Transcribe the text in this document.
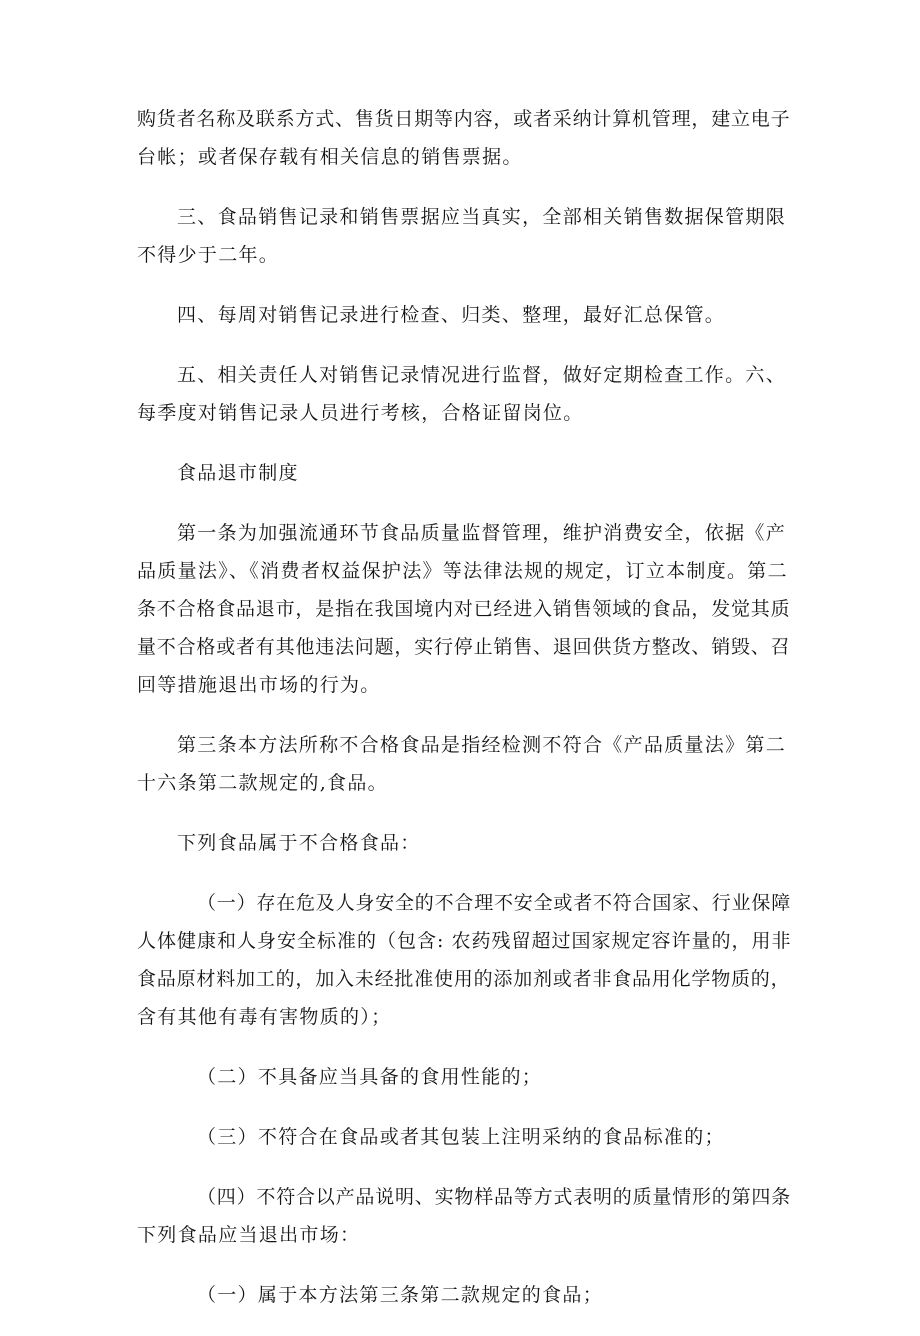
购货者名称及联系方式、售货日期等内容，或者采纳计算机管理，建立电子
台帐；或者保存载有相关信息的销售票据。

三、食品销售记录和销售票据应当真实，全部相关销售数据保管期限
不得少于二年。

四、每周对销售记录进行检查、归类、整理，最好汇总保管。

五、相关责任人对销售记录情况进行监督，做好定期检查工作。六、
每季度对销售记录人员进行考核，合格证留岗位。

食品退市制度

第一条为加强流通环节食品质量监督管理，维护消费安全，依据《产
品质量法》、《消费者权益保护法》等法律法规的规定，订立本制度。第二
条不合格食品退市，是指在我国境内对已经进入销售领域的食品，发觉其质
量不合格或者有其他违法问题，实行停止销售、退回供货方整改、销毁、召
回等措施退出市场的行为。

第三条本方法所称不合格食品是指经检测不符合《产品质量法》第二
十六条第二款规定的,食品。

下列食品属于不合格食品：

（一）存在危及人身安全的不合理不安全或者不符合国家、行业保障
人体健康和人身安全标准的（包含: 农药残留超过国家规定容许量的，用非
食品原材料加工的，加入未经批准使用的添加剂或者非食品用化学物质的，
含有其他有毒有害物质的）；

（二）不具备应当具备的食用性能的；

（三）不符合在食品或者其包装上注明采纳的食品标准的；

（四）不符合以产品说明、实物样品等方式表明的质量情形的第四条
下列食品应当退出市场：

（一）属于本方法第三条第二款规定的食品；
